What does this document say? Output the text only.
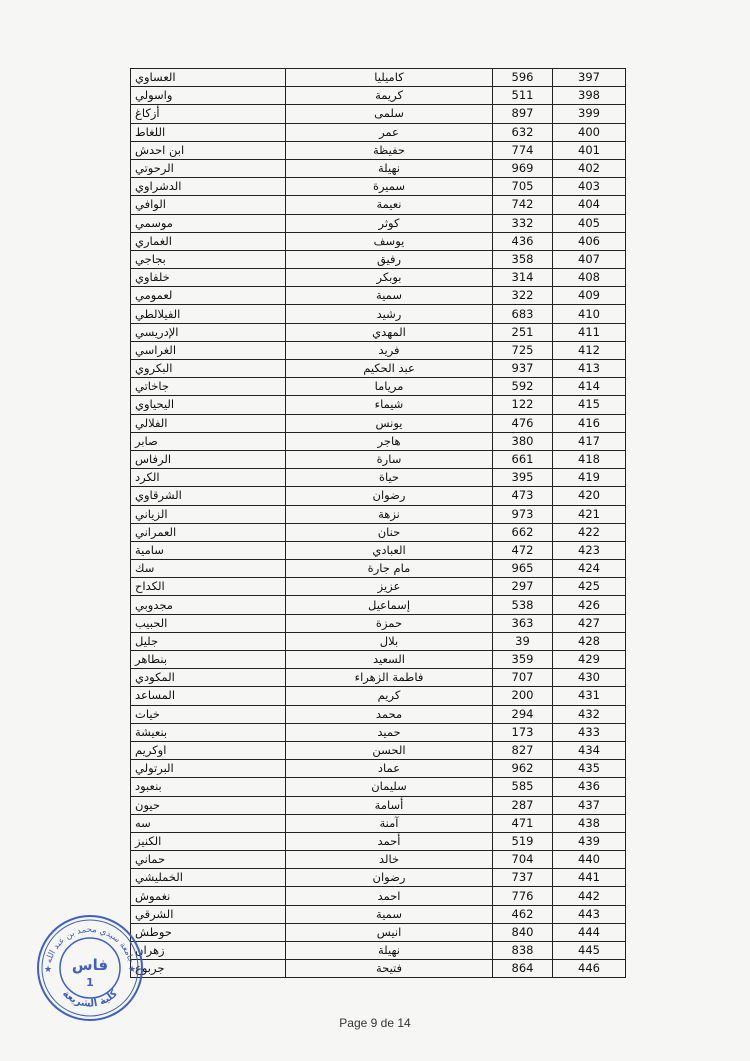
العساوي	كاميليا	596	397
واسولي	كريمة	511	398
أزكاغ	سلمى	897	399
اللغاط	عمر	632	400
ابن احدش	حفيظة	774	401
الرحوتي	نهيلة	969	402
الدشراوي	سميرة	705	403
الوافي	نعيمة	742	404
موسمي	كوثر	332	405
الغماري	يوسف	436	406
بجاجي	رفيق	358	407
خلفاوي	بوبكر	314	408
لعمومي	سمية	322	409
الفيلالطي	رشيد	683	410
الإدريسي	المهدي	251	411
الغراسي	فريد	725	412
البكروي	عبد الحكيم	937	413
جاخاتي	مرياما	592	414
اليحياوي	شيماء	122	415
الفلالي	يونس	476	416
صابر	هاجر	380	417
الرفاس	سارة	661	418
الكرد	حياة	395	419
الشرقاوي	رضوان	473	420
الزياني	نزهة	973	421
العمراني	حنان	662	422
سامية	العبادي	472	423
سك	مام جارة	965	424
الكداح	عزيز	297	425
مجدوبي	إسماعيل	538	426
الحبيب	حمزة	363	427
جليل	بلال	39	428
بنطاهر	السعيد	359	429
المكودي	فاطمة الزهراء	707	430
المساعد	كريم	200	431
خيات	محمد	294	432
بنعيشة	حميد	173	433
اوكريم	الحسن	827	434
البرتولي	عماد	962	435
بنعبود	سليمان	585	436
حيون	أسامة	287	437
سه	آمنة	471	438
الكنيز	أحمد	519	439
حماني	خالد	704	440
الخمليشي	رضوان	737	441
نغموش	احمد	776	442
الشرقي	سمية	462	443
حوطش	انيس	840	444
زهران	نهيلة	838	445
جربوع	فتيحة	864	446
جامعة سيدي محمد بن عبد الله
كلية الشريعة
فاس
1
★	★
Page 9 de 14
